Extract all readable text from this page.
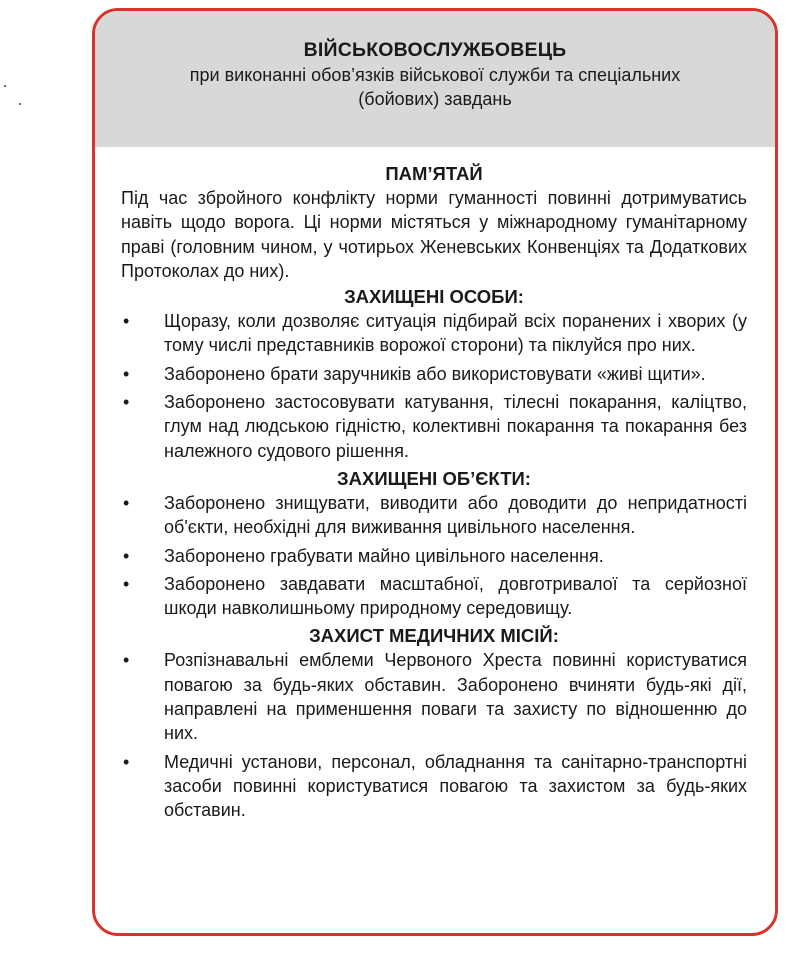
ВІЙСЬКОВОСЛУЖБОВЕЦЬ
при виконанні обов’язків військової служби та спеціальних
(бойових) завдань
ПАМ’ЯТАЙ

Під час збройного конфлікту норми гуманності повинні дотримуватись навіть щодо ворога. Ці норми містяться у міжнародному гуманітарному праві (головним чином, у чотирьох Женевських Конвенціях та Додаткових Протоколах до них).

ЗАХИЩЕНІ ОСОБИ:
• Щоразу, коли дозволяє ситуація підбирай всіх поранених і хворих (у тому числі представників ворожої сторони) та піклуйся про них.
• Заборонено брати заручників або використовувати «живі щити».
• Заборонено застосовувати катування, тілесні покарання, каліцтво, глум над людською гідністю, колективні покарання та покарання без належного судового рішення.
ЗАХИЩЕНІ ОБ’ЄКТИ:
• Заборонено знищувати, виводити або доводити до непридатності об'єкти, необхідні для виживання цивільного населення.
• Заборонено грабувати майно цивільного населення.
• Заборонено завдавати масштабної, довготривалої та серйозної шкоди навколишньому природному середовищу.
ЗАХИСТ МЕДИЧНИХ МІСІЙ:
• Розпізнавальні емблеми Червоного Хреста повинні користуватися повагою за будь-яких обставин. Заборонено вчиняти будь-які дії, направлені на применшення поваги та захисту по відношенню до них.
• Медичні установи, персонал, обладнання та санітарно-транспортні засоби повинні користуватися повагою та захистом за будь-яких обставин.
